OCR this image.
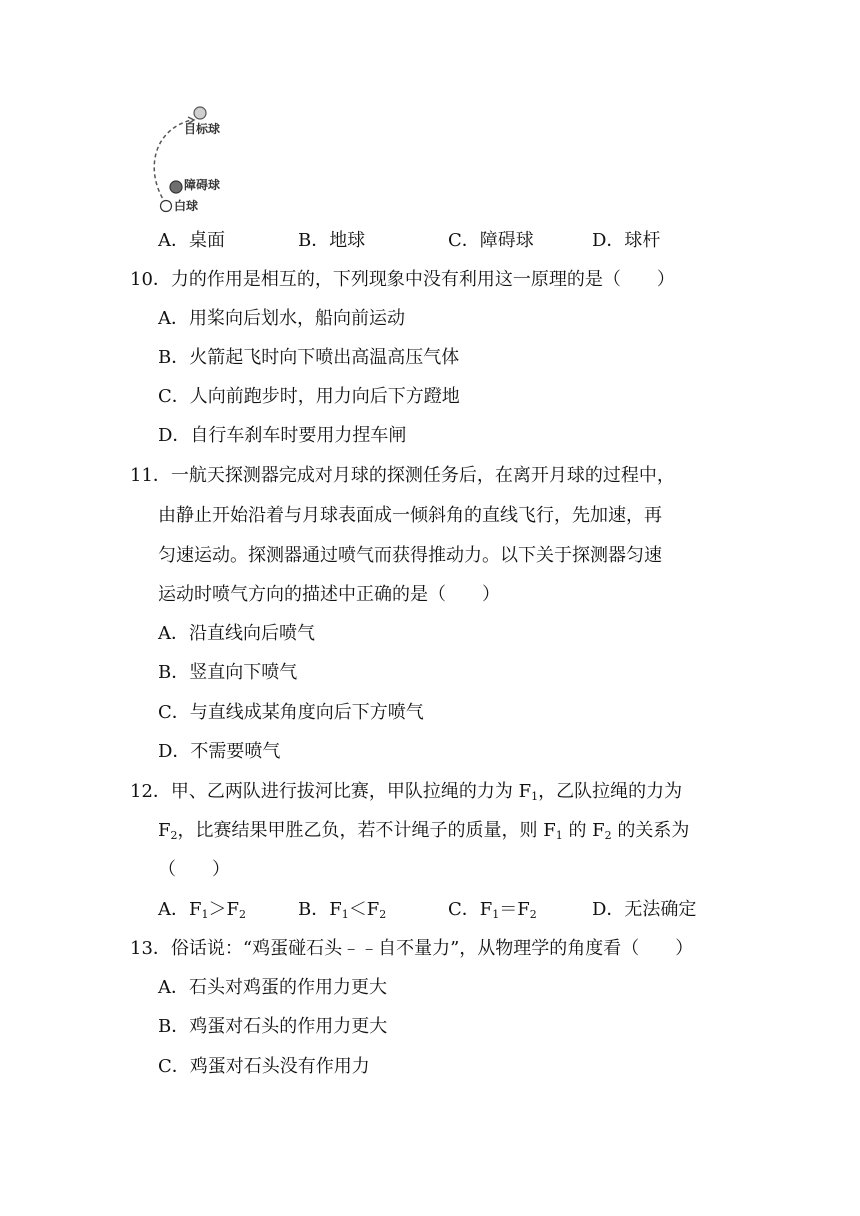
目标球
障碍球
白球
A．桌面	B．地球	C．障碍球	D．球杆
10．力的作用是相互的，下列现象中没有利用这一原理的是（　　）
A．用桨向后划水，船向前运动
B．火箭起飞时向下喷出高温高压气体
C．人向前跑步时，用力向后下方蹬地
D．自行车刹车时要用力捏车闸
11．一航天探测器完成对月球的探测任务后，在离开月球的过程中，
由静止开始沿着与月球表面成一倾斜角的直线飞行，先加速，再
匀速运动。探测器通过喷气而获得推动力。以下关于探测器匀速
运动时喷气方向的描述中正确的是（　　）
A．沿直线向后喷气
B．竖直向下喷气
C．与直线成某角度向后下方喷气
D．不需要喷气
12．甲、乙两队进行拔河比赛，甲队拉绳的力为 $F_1$，乙队拉绳的力为
$F_2$，比赛结果甲胜乙负，若不计绳子的质量，则 $F_1$ 的 $F_2$ 的关系为
（　　）
A．$F_1>F_2$	B．$F_1<F_2$	C．$F_1=F_2$	D．无法确定
13．俗话说：“鸡蛋碰石头﹣﹣自不量力”，从物理学的角度看（　　）
A．石头对鸡蛋的作用力更大
B．鸡蛋对石头的作用力更大
C．鸡蛋对石头没有作用力
